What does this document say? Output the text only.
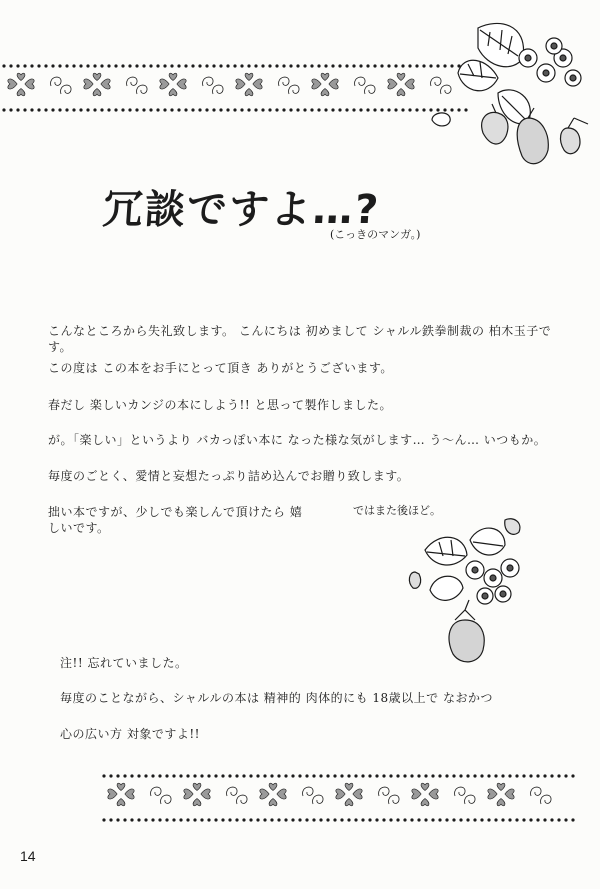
冗談ですよ…?
(こっきのマンガ。)
こんなところから失礼致します。 こんにちは 初めまして シャルル鉄拳制裁の 柏木玉子です。
この度は この本をお手にとって頂き ありがとうございます。
春だし 楽しいカンジの本にしよう!! と思って製作しました。
が。「楽しい」というより バカっぽい本に なった様な気がします… う〜ん… いつもか。
毎度のごとく、愛情と妄想たっぷり詰め込んでお贈り致します。
拙い本ですが、少しでも楽しんで頂けたら 嬉しいです。
ではまた後ほど。
注!! 忘れていました。
毎度のことながら、シャルルの本は 精神的 肉体的にも 18歳以上で なおかつ
心の広い方 対象ですよ!!
14
